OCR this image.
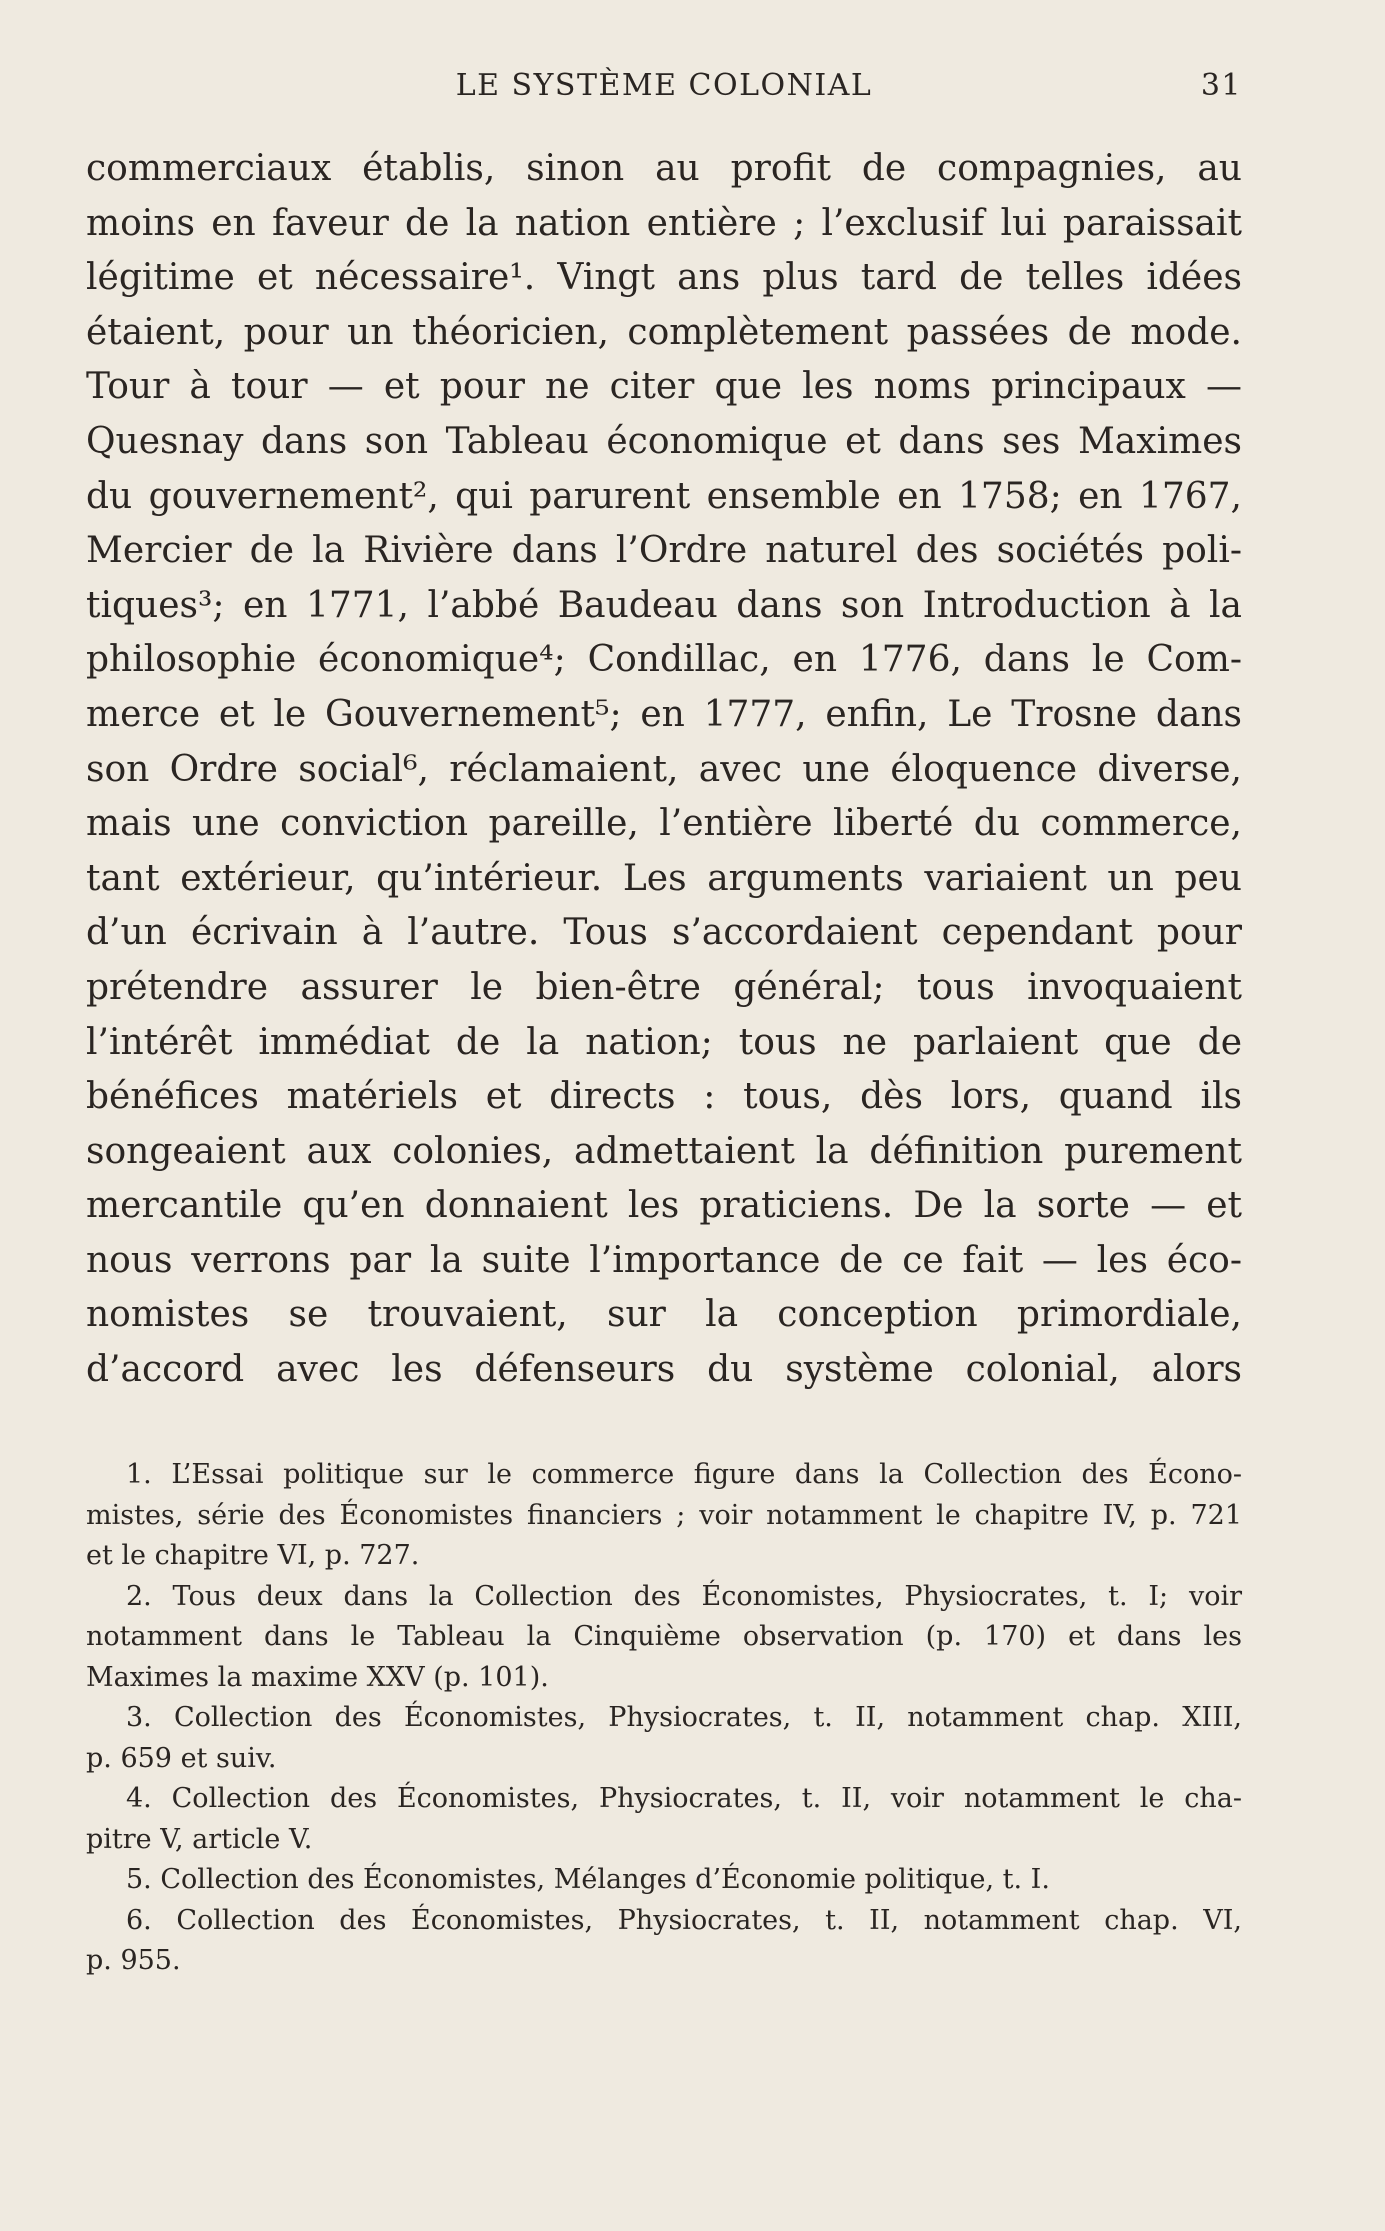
LE SYSTÈME COLONIAL	31
commerciaux établis, sinon au profit de compagnies, au
moins en faveur de la nation entière ; l’exclusif lui paraissait
légitime et nécessaire¹. Vingt ans plus tard de telles idées
étaient, pour un théoricien, complètement passées de mode.
Tour à tour — et pour ne citer que les noms principaux —
Quesnay dans son Tableau économique et dans ses Maximes
du gouvernement², qui parurent ensemble en 1758; en 1767,
Mercier de la Rivière dans l’Ordre naturel des sociétés poli-
tiques³; en 1771, l’abbé Baudeau dans son Introduction à la
philosophie économique⁴; Condillac, en 1776, dans le Com-
merce et le Gouvernement⁵; en 1777, enfin, Le Trosne dans
son Ordre social⁶, réclamaient, avec une éloquence diverse,
mais une conviction pareille, l’entière liberté du commerce,
tant extérieur, qu’intérieur. Les arguments variaient un peu
d’un écrivain à l’autre. Tous s’accordaient cependant pour
prétendre assurer le bien-être général; tous invoquaient
l’intérêt immédiat de la nation; tous ne parlaient que de
bénéfices matériels et directs : tous, dès lors, quand ils
songeaient aux colonies, admettaient la définition purement
mercantile qu’en donnaient les praticiens. De la sorte — et
nous verrons par la suite l’importance de ce fait — les éco-
nomistes se trouvaient, sur la conception primordiale,
d’accord avec les défenseurs du système colonial, alors
1. L’Essai politique sur le commerce figure dans la Collection des Écono-
mistes, série des Économistes financiers ; voir notamment le chapitre IV, p. 721
et le chapitre VI, p. 727.
2. Tous deux dans la Collection des Économistes, Physiocrates, t. I; voir
notamment dans le Tableau la Cinquième observation (p. 170) et dans les
Maximes la maxime XXV (p. 101).
3. Collection des Économistes, Physiocrates, t. II, notamment chap. XIII,
p. 659 et suiv.
4. Collection des Économistes, Physiocrates, t. II, voir notamment le cha-
pitre V, article V.
5. Collection des Économistes, Mélanges d’Économie politique, t. I.
6. Collection des Économistes, Physiocrates, t. II, notamment chap. VI,
p. 955.
